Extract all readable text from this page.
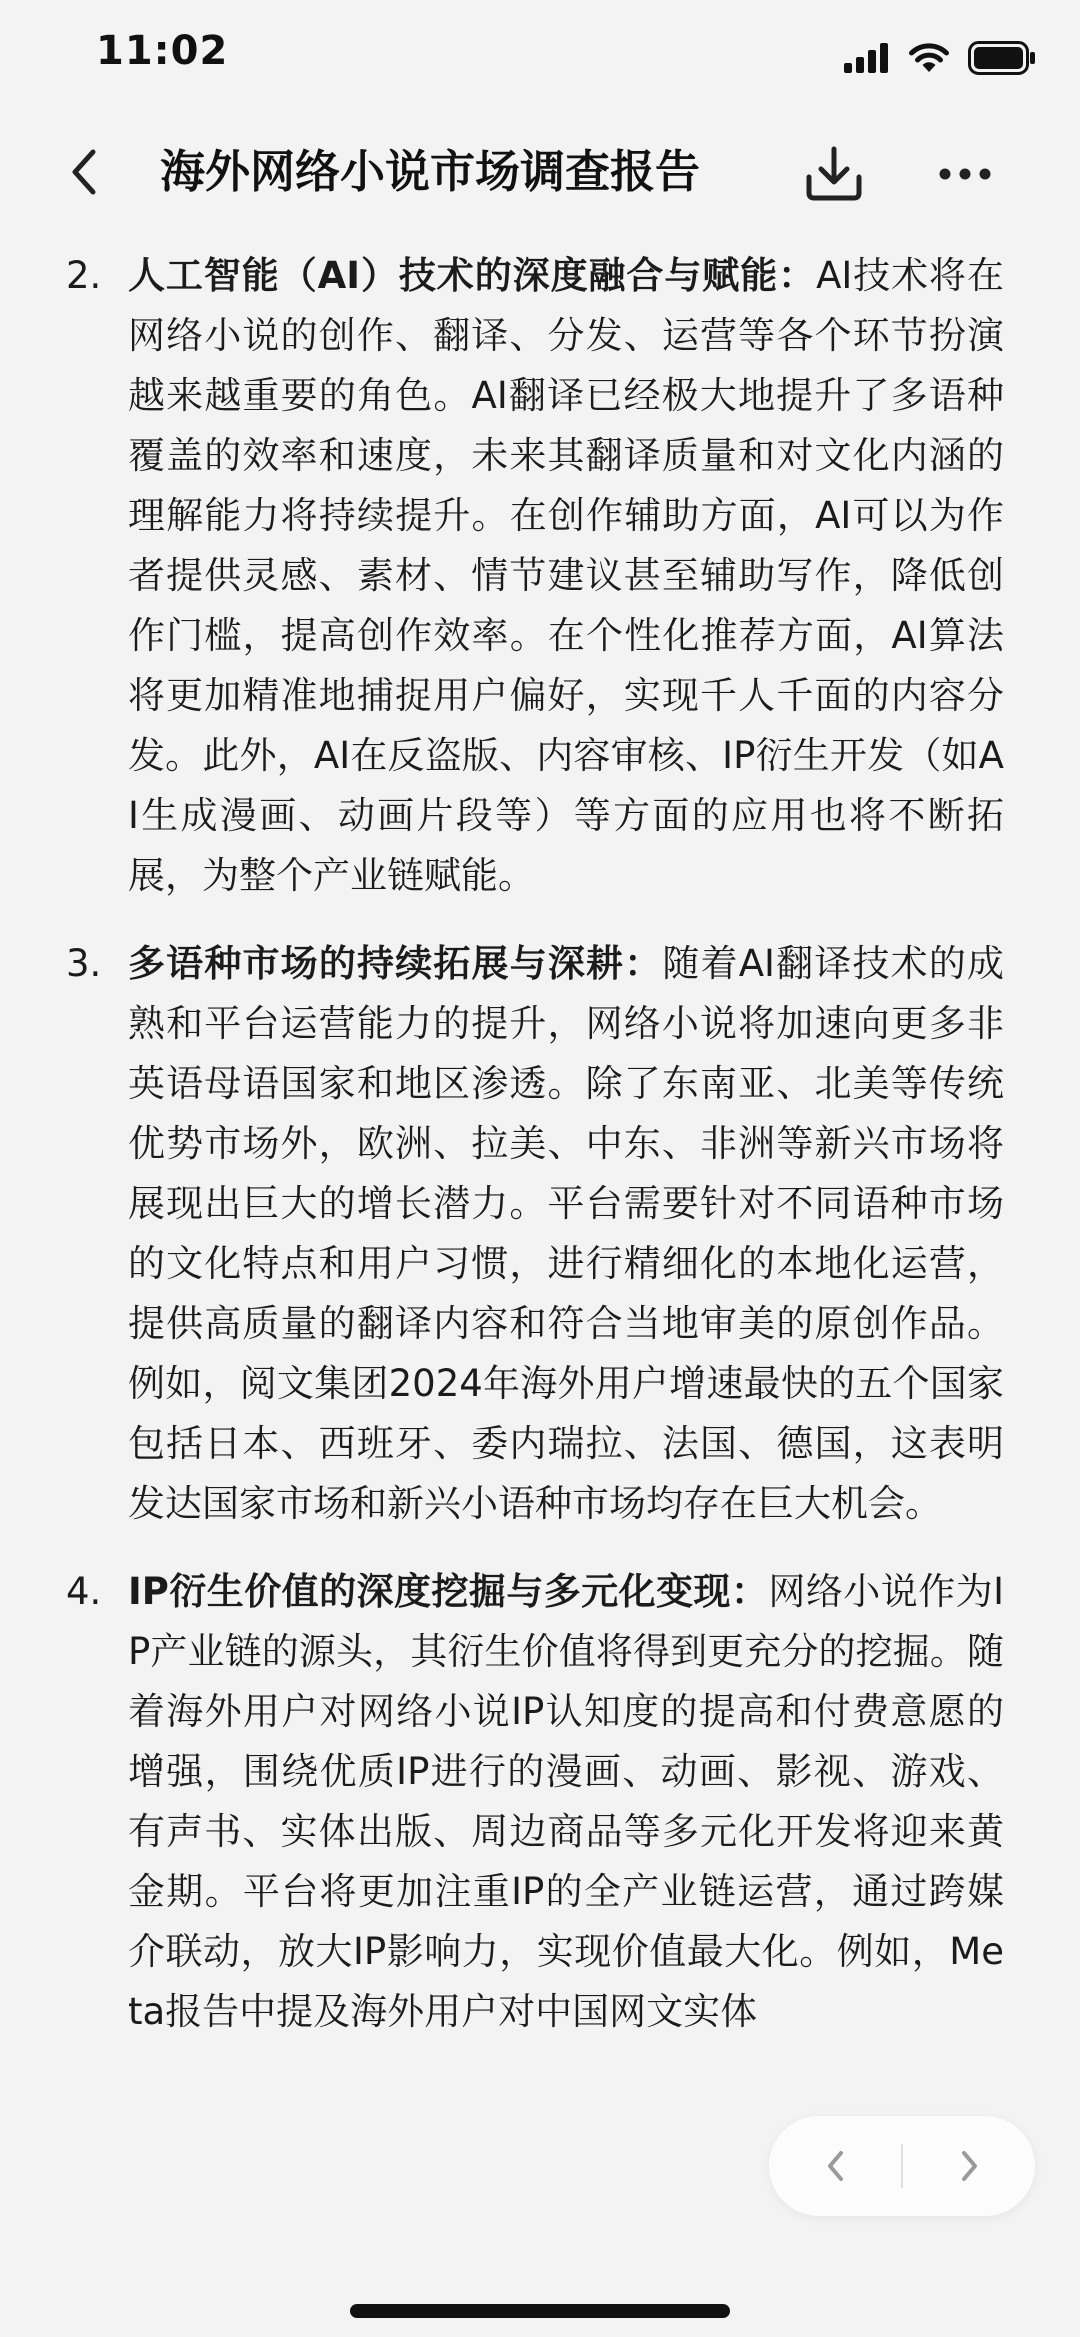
11:02
海外网络小说市场调查报告
2. 人工智能（AI）技术的深度融合与赋能：AI技术将在网络小说的创作、翻译、分发、运营等各个环节扮演越来越重要的角色。AI翻译已经极大地提升了多语种覆盖的效率和速度，未来其翻译质量和对文化内涵的理解能力将持续提升。在创作辅助方面，AI可以为作者提供灵感、素材、情节建议甚至辅助写作，降低创作门槛，提高创作效率。在个性化推荐方面，AI算法将更加精准地捕捉用户偏好，实现千人千面的内容分发。此外，AI在反盗版、内容审核、IP衍生开发（如AI生成漫画、动画片段等）等方面的应用也将不断拓展，为整个产业链赋能。
3. 多语种市场的持续拓展与深耕：随着AI翻译技术的成熟和平台运营能力的提升，网络小说将加速向更多非英语母语国家和地区渗透。除了东南亚、北美等传统优势市场外，欧洲、拉美、中东、非洲等新兴市场将展现出巨大的增长潜力。平台需要针对不同语种市场的文化特点和用户习惯，进行精细化的本地化运营，提供高质量的翻译内容和符合当地审美的原创作品。例如，阅文集团2024年海外用户增速最快的五个国家包括日本、西班牙、委内瑞拉、法国、德国，这表明发达国家市场和新兴小语种市场均存在巨大机会。
4. IP衍生价值的深度挖掘与多元化变现：网络小说作为IP产业链的源头，其衍生价值将得到更充分的挖掘。随着海外用户对网络小说IP认知度的提高和付费意愿的增强，围绕优质IP进行的漫画、动画、影视、游戏、有声书、实体出版、周边商品等多元化开发将迎来黄金期。平台将更加注重IP的全产业链运营，通过跨媒介联动，放大IP影响力，实现价值最大化。例如，Meta报告中提及海外用户对中国网文实体
